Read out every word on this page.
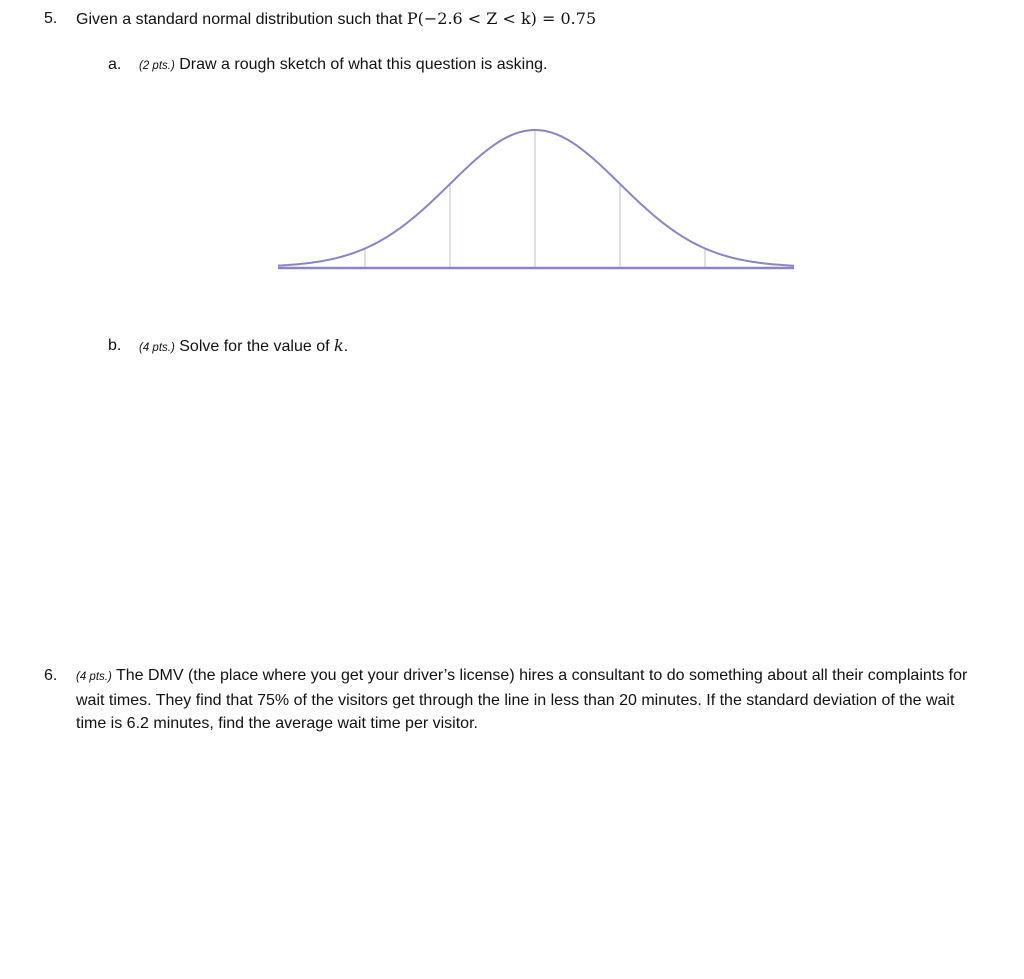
5. Given a standard normal distribution such that P(−2.6 < Z < k) = 0.75
a. (2 pts.) Draw a rough sketch of what this question is asking.
b. (4 pts.) Solve for the value of k.
6. (4 pts.) The DMV (the place where you get your driver’s license) hires a consultant to do something about all their complaints for wait times. They find that 75% of the visitors get through the line in less than 20 minutes. If the standard deviation of the wait time is 6.2 minutes, find the average wait time per visitor.
